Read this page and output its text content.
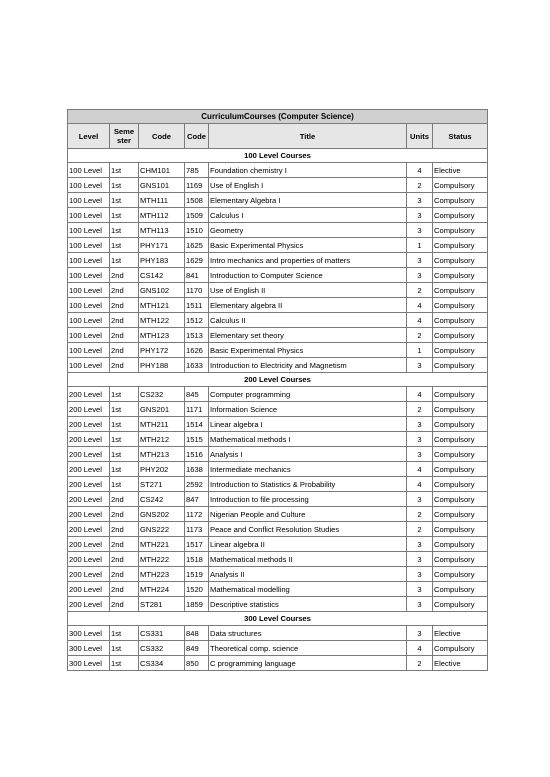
CurriculumCourses (Computer Science)						
Level	Seme ster	Code	Code	Title	Units	Status
100 Level Courses						
100 Level	1st	CHM101	785	Foundation chemistry I	4	Elective
100 Level	1st	GNS101	1169	Use of English I	2	Compulsory
100 Level	1st	MTH111	1508	Elementary Algebra I	3	Compulsory
100 Level	1st	MTH112	1509	Calculus I	3	Compulsory
100 Level	1st	MTH113	1510	Geometry	3	Compulsory
100 Level	1st	PHY171	1625	Basic Experimental Physics	1	Compulsory
100 Level	1st	PHY183	1629	Intro mechanics and properties of matters	3	Compulsory
100 Level	2nd	CS142	841	Introduction to Computer Science	3	Compulsory
100 Level	2nd	GNS102	1170	Use of English II	2	Compulsory
100 Level	2nd	MTH121	1511	Elementary algebra II	4	Compulsory
100 Level	2nd	MTH122	1512	Calculus II	4	Compulsory
100 Level	2nd	MTH123	1513	Elementary set theory	2	Compulsory
100 Level	2nd	PHY172	1626	Basic Experimental Physics	1	Compulsory
100 Level	2nd	PHY188	1633	Introduction to Electricity and Magnetism	3	Compulsory
200 Level Courses						
200 Level	1st	CS232	845	Computer programming	4	Compulsory
200 Level	1st	GNS201	1171	Information Science	2	Compulsory
200 Level	1st	MTH211	1514	Linear algebra I	3	Compulsory
200 Level	1st	MTH212	1515	Mathematical methods I	3	Compulsory
200 Level	1st	MTH213	1516	Analysis I	3	Compulsory
200 Level	1st	PHY202	1638	Intermediate mechanics	4	Compulsory
200 Level	1st	ST271	2592	Introduction to Statistics & Probability	4	Compulsory
200 Level	2nd	CS242	847	Introduction to file processing	3	Compulsory
200 Level	2nd	GNS202	1172	Nigerian People and Culture	2	Compulsory
200 Level	2nd	GNS222	1173	Peace and Conflict Resolution Studies	2	Compulsory
200 Level	2nd	MTH221	1517	Linear algebra II	3	Compulsory
200 Level	2nd	MTH222	1518	Mathematical methods II	3	Compulsory
200 Level	2nd	MTH223	1519	Analysis II	3	Compulsory
200 Level	2nd	MTH224	1520	Mathematical modelling	3	Compulsory
200 Level	2nd	ST281	1859	Descriptive statistics	3	Compulsory
300 Level Courses						
300 Level	1st	CS331	848	Data structures	3	Elective
300 Level	1st	CS332	849	Theoretical comp. science	4	Compulsory
300 Level	1st	CS334	850	C programming language	2	Elective
